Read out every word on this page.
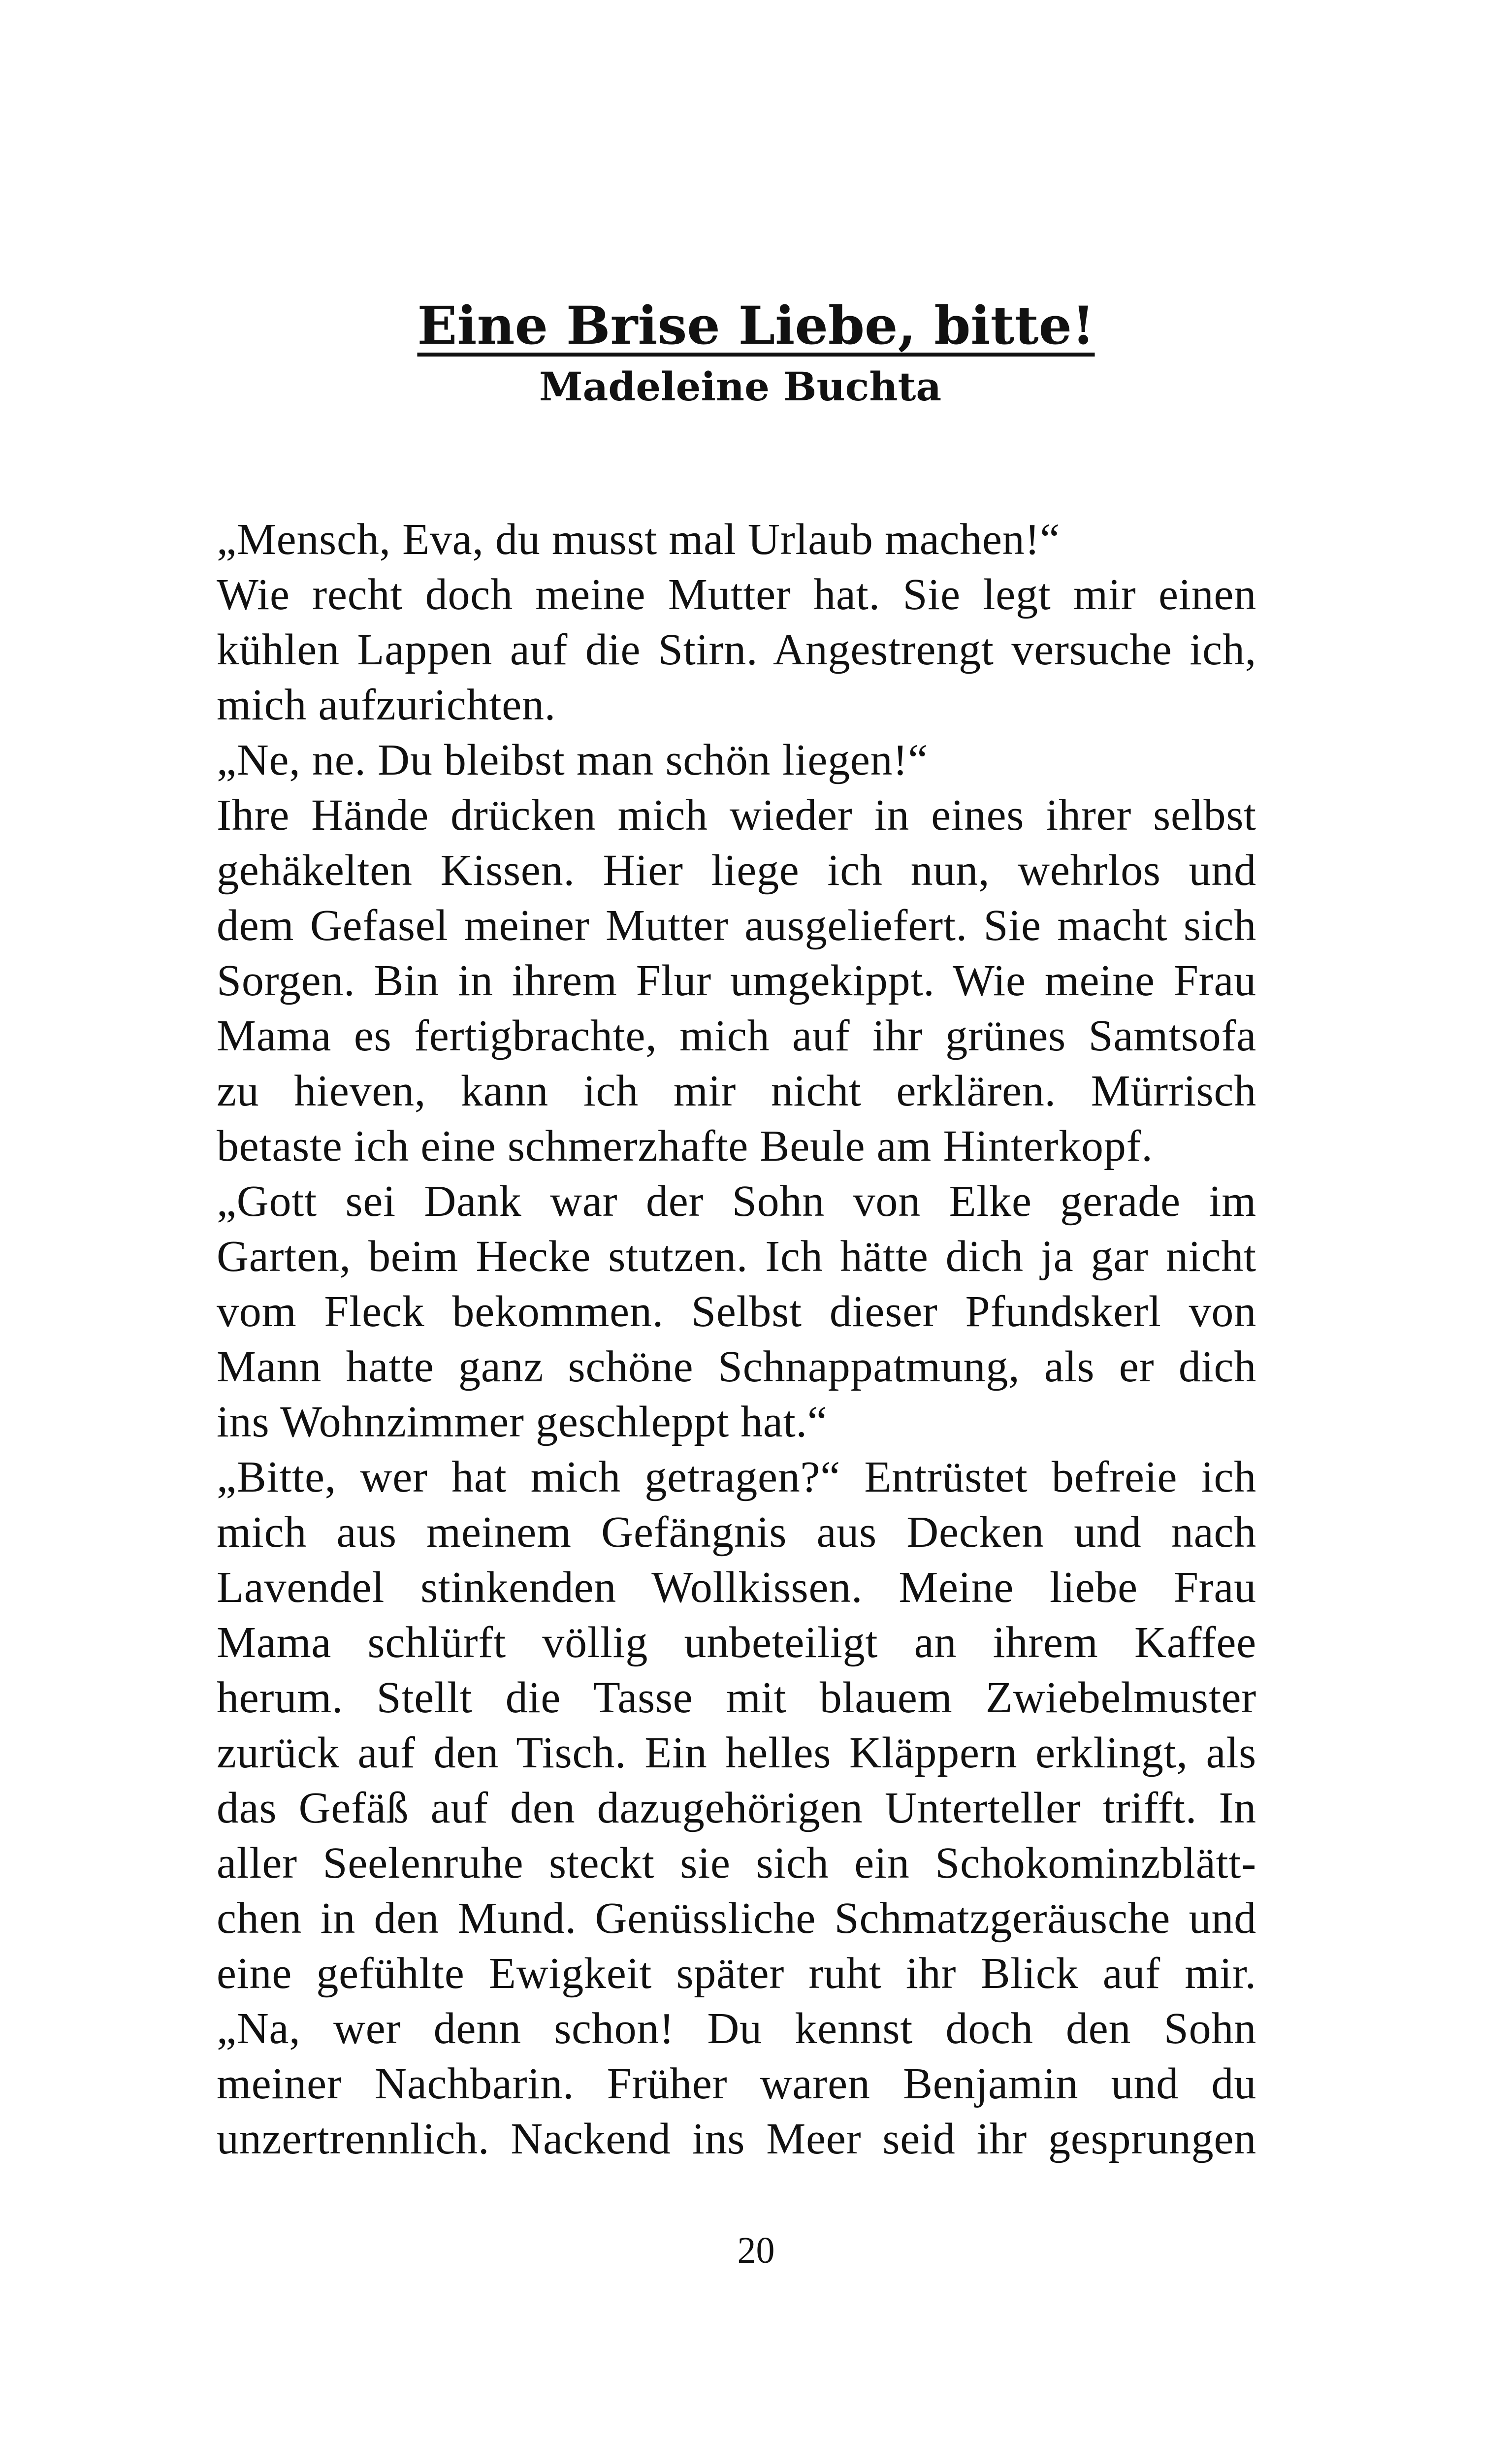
Eine Brise Liebe, bitte!

Madeleine Buchta

„Mensch, Eva, du musst mal Urlaub machen!“
Wie recht doch meine Mutter hat. Sie legt mir einen
kühlen Lappen auf die Stirn. Angestrengt versuche ich,
mich aufzurichten.
„Ne, ne. Du bleibst man schön liegen!“
Ihre Hände drücken mich wieder in eines ihrer selbst
gehäkelten Kissen. Hier liege ich nun, wehrlos und
dem Gefasel meiner Mutter ausgeliefert. Sie macht sich
Sorgen. Bin in ihrem Flur umgekippt. Wie meine Frau
Mama es fertigbrachte, mich auf ihr grünes Samtsofa
zu hieven, kann ich mir nicht erklären. Mürrisch
betaste ich eine schmerzhafte Beule am Hinterkopf.
„Gott sei Dank war der Sohn von Elke gerade im
Garten, beim Hecke stutzen. Ich hätte dich ja gar nicht
vom Fleck bekommen. Selbst dieser Pfundskerl von
Mann hatte ganz schöne Schnappatmung, als er dich
ins Wohnzimmer geschleppt hat.“
„Bitte, wer hat mich getragen?“ Entrüstet befreie ich
mich aus meinem Gefängnis aus Decken und nach
Lavendel stinkenden Wollkissen. Meine liebe Frau
Mama schlürft völlig unbeteiligt an ihrem Kaffee
herum. Stellt die Tasse mit blauem Zwiebelmuster
zurück auf den Tisch. Ein helles Kläppern erklingt, als
das Gefäß auf den dazugehörigen Unterteller trifft. In
aller Seelenruhe steckt sie sich ein Schokominzblätt-
chen in den Mund. Genüssliche Schmatzgeräusche und
eine gefühlte Ewigkeit später ruht ihr Blick auf mir.
„Na, wer denn schon! Du kennst doch den Sohn
meiner Nachbarin. Früher waren Benjamin und du
unzertrennlich. Nackend ins Meer seid ihr gesprungen

20
